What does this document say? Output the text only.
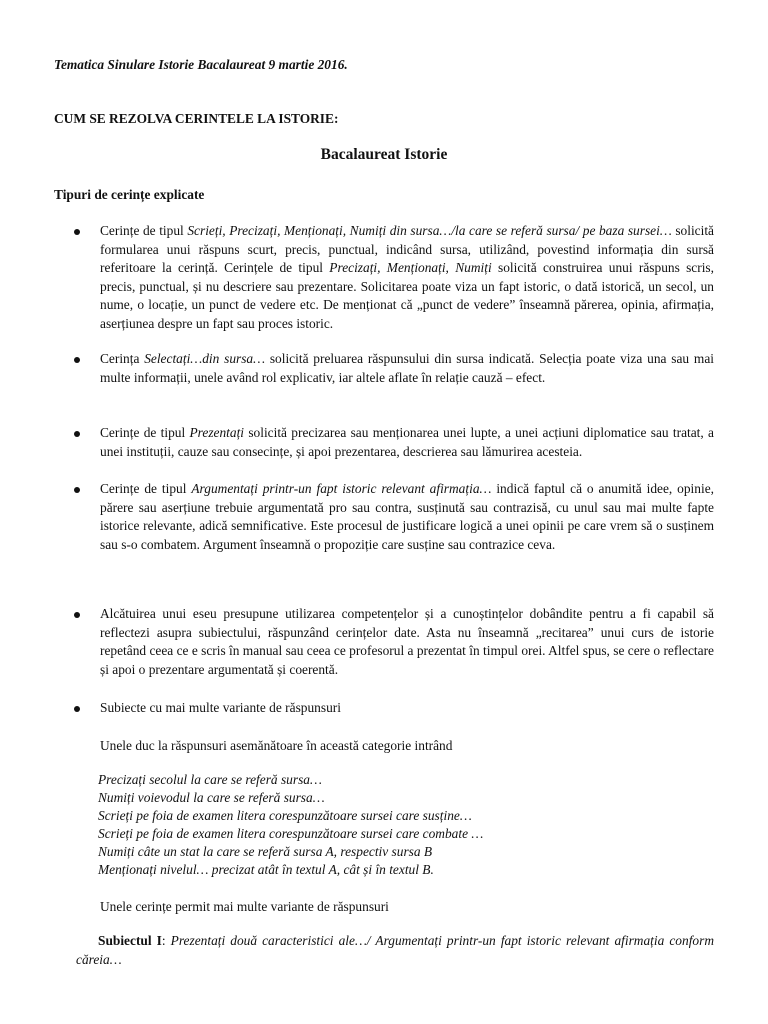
Tematica Sinulare Istorie Bacalaureat 9 martie 2016.
CUM SE REZOLVA CERINTELE LA ISTORIE:
Bacalaureat Istorie
Tipuri de cerințe explicate
Cerințe de tipul Scrieți, Precizați, Menționați, Numiți din sursa…/la care se referă sursa/ pe baza sursei… solicită formularea unui răspuns scurt, precis, punctual, indicând sursa, utilizând, povestind informația din sursă referitoare la cerință. Cerințele de tipul Precizați, Menționați, Numiți solicită construirea unui răspuns scris, precis, punctual, și nu descriere sau prezentare. Solicitarea poate viza un fapt istoric, o dată istorică, un secol, un nume, o locație, un punct de vedere etc. De menționat că „punct de vedere” înseamnă părerea, opinia, afirmația, aserțiunea despre un fapt sau proces istoric.
Cerința Selectați…din sursa… solicită preluarea răspunsului din sursa indicată. Selecția poate viza una sau mai multe informații, unele având rol explicativ, iar altele aflate în relație cauză – efect.
Cerințe de tipul Prezentați solicită precizarea sau menționarea unei lupte, a unei acțiuni diplomatice sau tratat, a unei instituții, cauze sau consecințe, și apoi prezentarea, descrierea sau lămurirea acesteia.
Cerințe de tipul Argumentați printr-un fapt istoric relevant afirmația… indică faptul că o anumită idee, opinie, părere sau aserțiune trebuie argumentată pro sau contra, susținută sau contrazisă, cu unul sau mai multe fapte istorice relevante, adică semnificative. Este procesul de justificare logică a unei opinii pe care vrem să o susținem sau s-o combatem. Argument înseamnă o propoziție care susține sau contrazice ceva.
Alcătuirea unui eseu presupune utilizarea competențelor și a cunoștințelor dobândite pentru a fi capabil să reflectezi asupra subiectului, răspunzând cerințelor date. Asta nu înseamnă „recitarea” unui curs de istorie repetând ceea ce e scris în manual sau ceea ce profesorul a prezentat în timpul orei. Altfel spus, se cere o reflectare și apoi o prezentare argumentată și coerentă.
Subiecte cu mai multe variante de răspunsuri
Unele duc la răspunsuri asemănătoare în această categorie intrând
Precizați secolul la care se referă sursa…
Numiți voievodul la care se referă sursa…
Scrieți pe foia de examen litera corespunzătoare sursei care susține…
Scrieți pe foia de examen litera corespunzătoare sursei care combate …
Numiți câte un stat la care se referă sursa A, respectiv sursa B
Menționați nivelul… precizat atât în textul A, cât și în textul B.
Unele cerințe permit mai multe variante de răspunsuri
Subiectul I: Prezentați două caracteristici ale…/ Argumentați printr-un fapt istoric relevant afirmația conform căreia…
